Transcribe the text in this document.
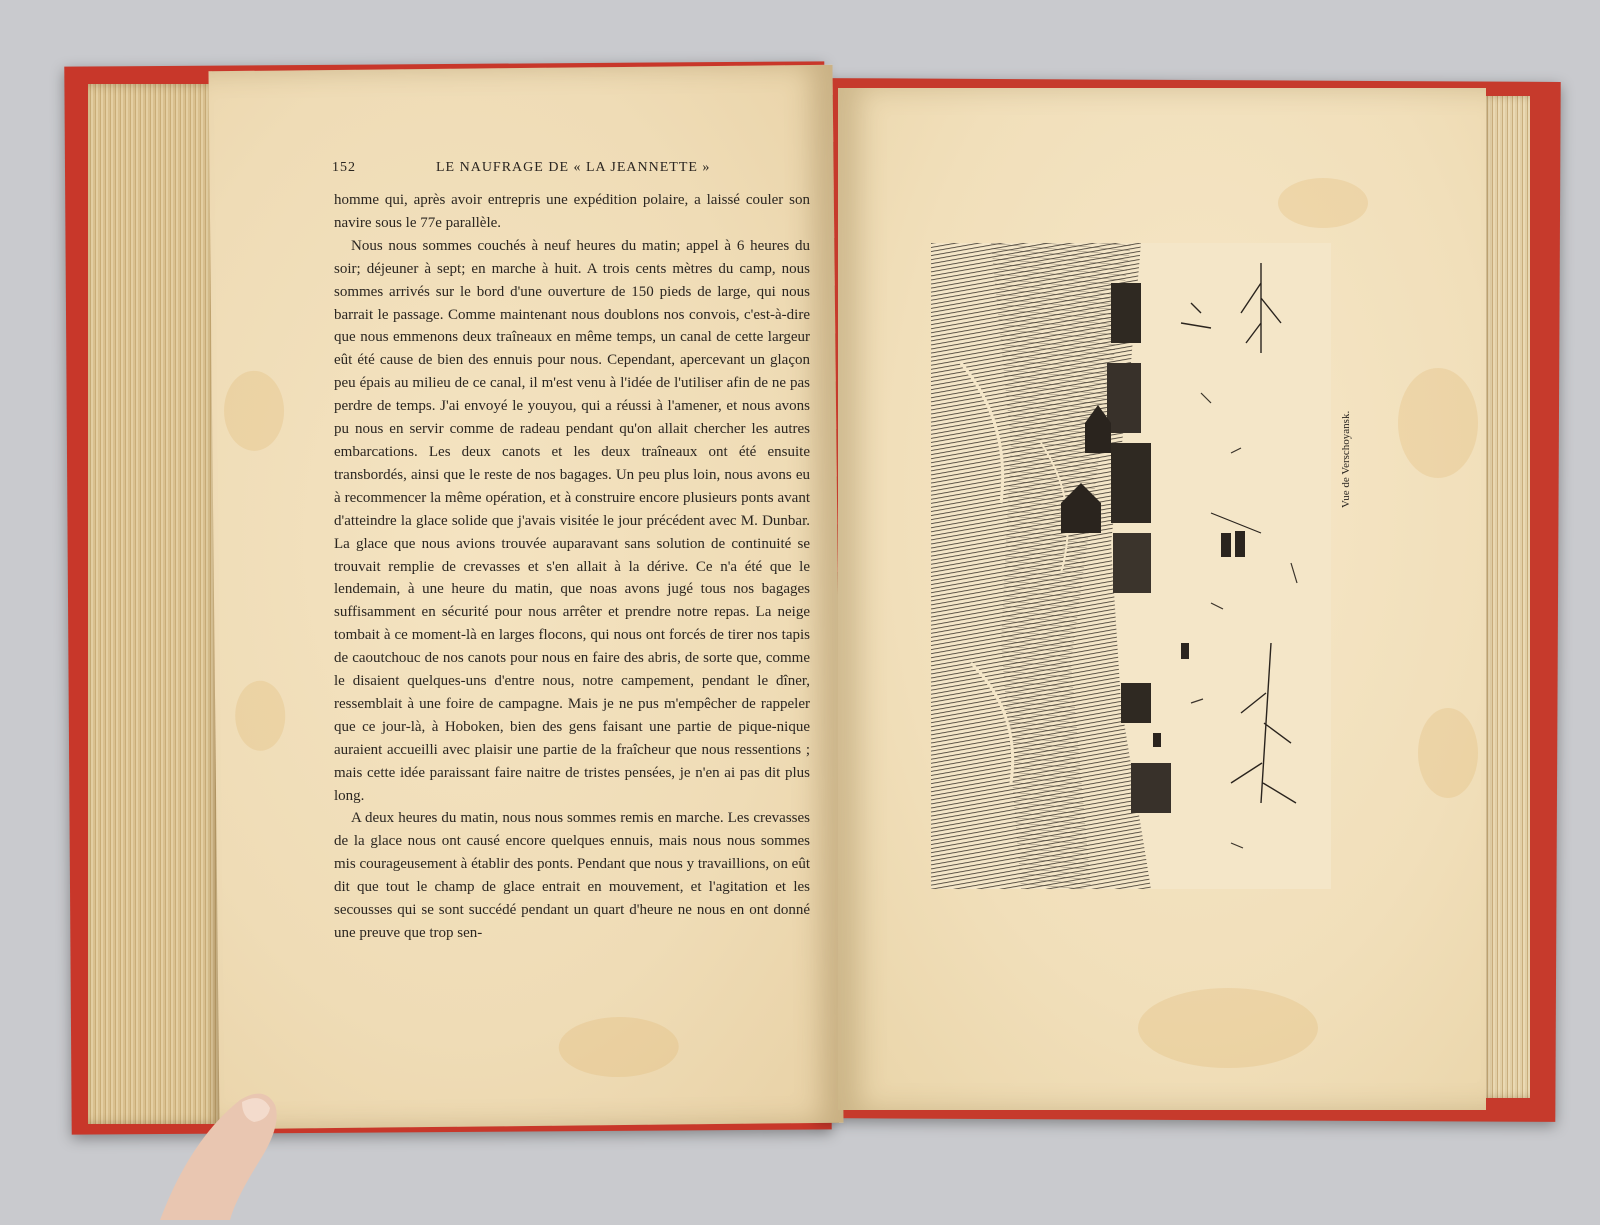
152	LE NAUFRAGE DE « LA JEANNETTE »

homme qui, après avoir entrepris une expédition polaire, a laissé couler son navire sous le 77e parallèle.

Nous nous sommes couchés à neuf heures du matin; appel à 6 heures du soir; déjeuner à sept; en marche à huit. A trois cents mètres du camp, nous sommes arrivés sur le bord d'une ouverture de 150 pieds de large, qui nous barrait le passage. Comme maintenant nous doublons nos convois, c'est-à-dire que nous emmenons deux traîneaux en même temps, un canal de cette largeur eût été cause de bien des ennuis pour nous. Cependant, apercevant un glaçon peu épais au milieu de ce canal, il m'est venu à l'idée de l'utiliser afin de ne pas perdre de temps. J'ai envoyé le youyou, qui a réussi à l'amener, et nous avons pu nous en servir comme de radeau pendant qu'on allait chercher les autres embarcations. Les deux canots et les deux traîneaux ont été ensuite transbordés, ainsi que le reste de nos bagages. Un peu plus loin, nous avons eu à recommencer la même opération, et à construire encore plusieurs ponts avant d'atteindre la glace solide que j'avais visitée le jour précédent avec M. Dunbar. La glace que nous avions trouvée auparavant sans solution de continuité se trouvait remplie de crevasses et s'en allait à la dérive. Ce n'a été que le lendemain, à une heure du matin, que noas avons jugé tous nos bagages suffisamment en sécurité pour nous arrêter et prendre notre repas. La neige tombait à ce moment-là en larges flocons, qui nous ont forcés de tirer nos tapis de caoutchouc de nos canots pour nous en faire des abris, de sorte que, comme le disaient quelques-uns d'entre nous, notre campement, pendant le dîner, ressemblait à une foire de campagne. Mais je ne pus m'empêcher de rappeler que ce jour-là, à Hoboken, bien des gens faisant une partie de pique-nique auraient accueilli avec plaisir une partie de la fraîcheur que nous ressentions ; mais cette idée paraissant faire naitre de tristes pensées, je n'en ai pas dit plus long.

A deux heures du matin, nous nous sommes remis en marche. Les crevasses de la glace nous ont causé encore quelques ennuis, mais nous nous sommes mis courageusement à établir des ponts. Pendant que nous y travaillions, on eût dit que tout le champ de glace entrait en mouvement, et l'agitation et les secousses qui se sont succédé pendant un quart d'heure ne nous en ont donné une preuve que trop sen-

Vue de Verschoyansk.
